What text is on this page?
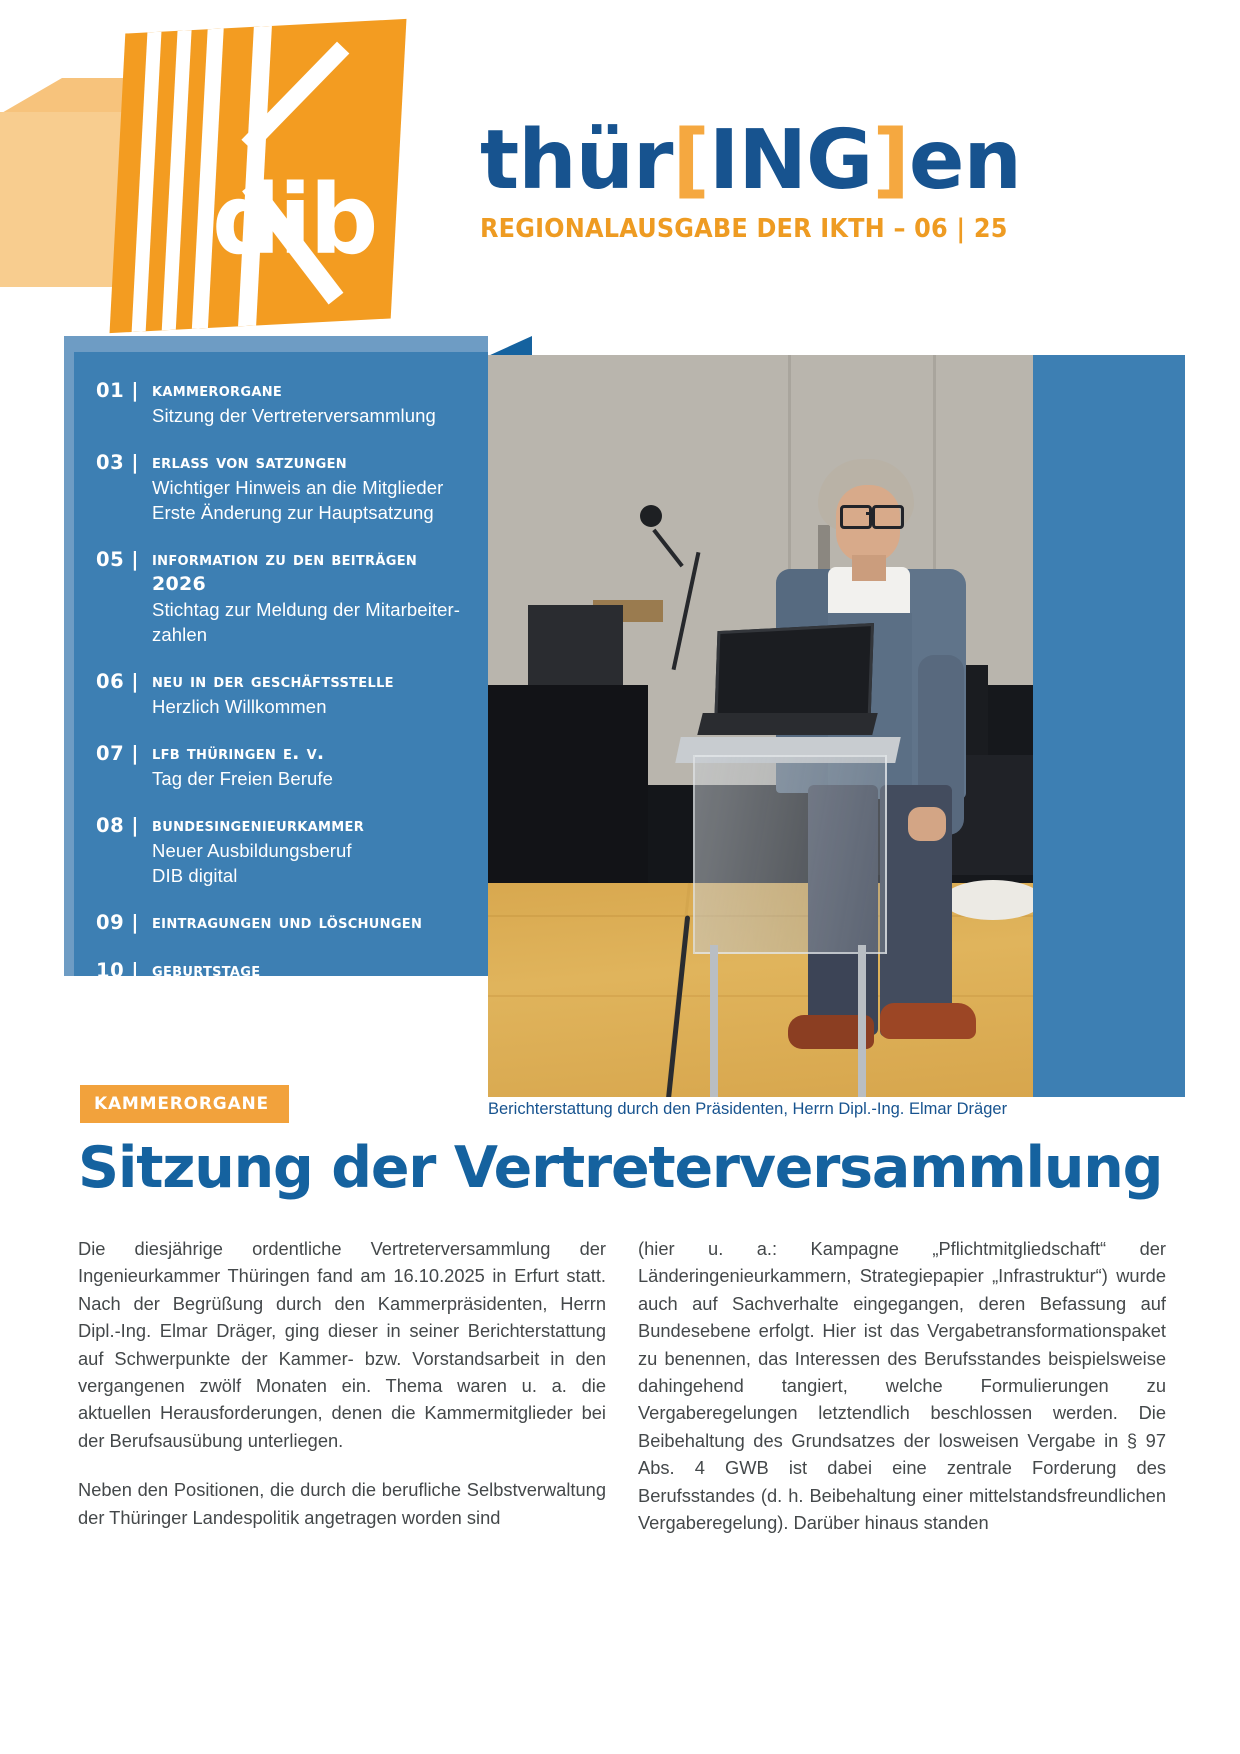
dib
thür[ING]en
REGIONALAUSGABE DER IKTH – 06 | 25
01 | kammerorgane
Sitzung der Vertreterversammlung
03 | erlass von satzungen
Wichtiger Hinweis an die Mitglieder
Erste Änderung zur Hauptsatzung
05 | information zu den beiträgen 2026
Stichtag zur Meldung der Mitarbeiter-
zahlen
06 | neu in der geschäftsstelle
Herzlich Willkommen
07 | lfb thüringen e. v.
Tag der Freien Berufe
08 | bundesingenieurkammer
Neuer Ausbildungsberuf
DIB digital
09 | eintragungen und löschungen
10 | geburtstage
11 | weiterbildungen
Berichterstattung durch den Präsidenten, Herrn Dipl.-Ing. Elmar Dräger
KAMMERORGANE
Sitzung der Vertreterversammlung

Die diesjährige ordentliche Vertreterversammlung der Ingenieurkammer Thüringen fand am 16.10.2025 in Erfurt statt. Nach der Begrüßung durch den Kammerpräsidenten, Herrn Dipl.-Ing. Elmar Dräger, ging dieser in seiner Berichterstattung auf Schwerpunkte der Kammer- bzw. Vorstandsarbeit in den vergangenen zwölf Monaten ein. Thema waren u. a. die aktuellen Herausforderungen, denen die Kammermitglieder bei der Berufsausübung unterliegen.

Neben den Positionen, die durch die berufliche Selbstverwaltung der Thüringer Landespolitik angetragen worden sind

(hier u. a.: Kampagne „Pflichtmitgliedschaft“ der Länderingenieurkammern, Strategiepapier „Infrastruktur“) wurde auch auf Sachverhalte eingegangen, deren Befassung auf Bundesebene erfolgt. Hier ist das Vergabetransformationspaket zu benennen, das Interessen des Berufsstandes beispielsweise dahingehend tangiert, welche Formulierungen zu Vergaberegelungen letztendlich beschlossen werden. Die Beibehaltung des Grundsatzes der losweisen Vergabe in § 97 Abs. 4 GWB ist dabei eine zentrale Forderung des Berufsstandes (d. h. Beibehaltung einer mittelstandsfreundlichen Vergaberegelung). Darüber hinaus standen
